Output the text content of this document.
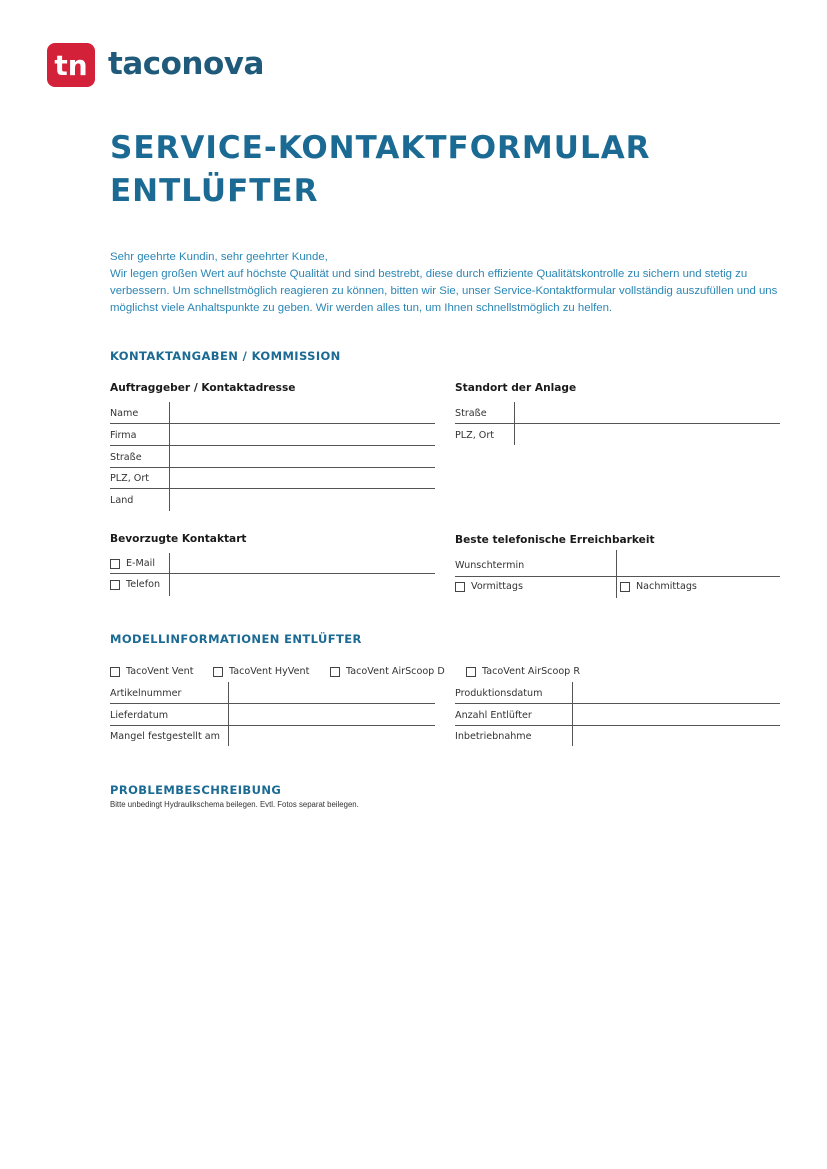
tn taconova
SERVICE-KONTAKTFORMULAR
ENTLÜFTER

Sehr geehrte Kundin, sehr geehrter Kunde,

Wir legen großen Wert auf höchste Qualität und sind bestrebt, diese durch effiziente Qualitätskontrolle zu sichern und stetig zu verbessern. Um schnellstmöglich reagieren zu können, bitten wir Sie, unser Service-Kontaktformular vollständig auszufüllen und uns möglichst viele Anhaltspunkte zu geben. Wir werden alles tun, um Ihnen schnellstmöglich zu helfen.

KONTAKTANGABEN / KOMMISSION
Auftraggeber / Kontaktadresse
Name
Firma
Straße
PLZ, Ort
Land
Standort der Anlage
Straße
PLZ, Ort
Bevorzugte Kontaktart
E-Mail
Telefon
Beste telefonische Erreichbarkeit
Wunschtermin
Vormittags	Nachmittags
MODELLINFORMATIONEN ENTLÜFTER
TacoVent Vent	TacoVent HyVent	TacoVent AirScoop D	TacoVent AirScoop R
Artikelnummer
Lieferdatum
Mangel festgestellt am
Produktionsdatum
Anzahl Entlüfter
Inbetriebnahme
PROBLEMBESCHREIBUNG
Bitte unbedingt Hydraulikschema beilegen. Evtl. Fotos separat beilegen.
